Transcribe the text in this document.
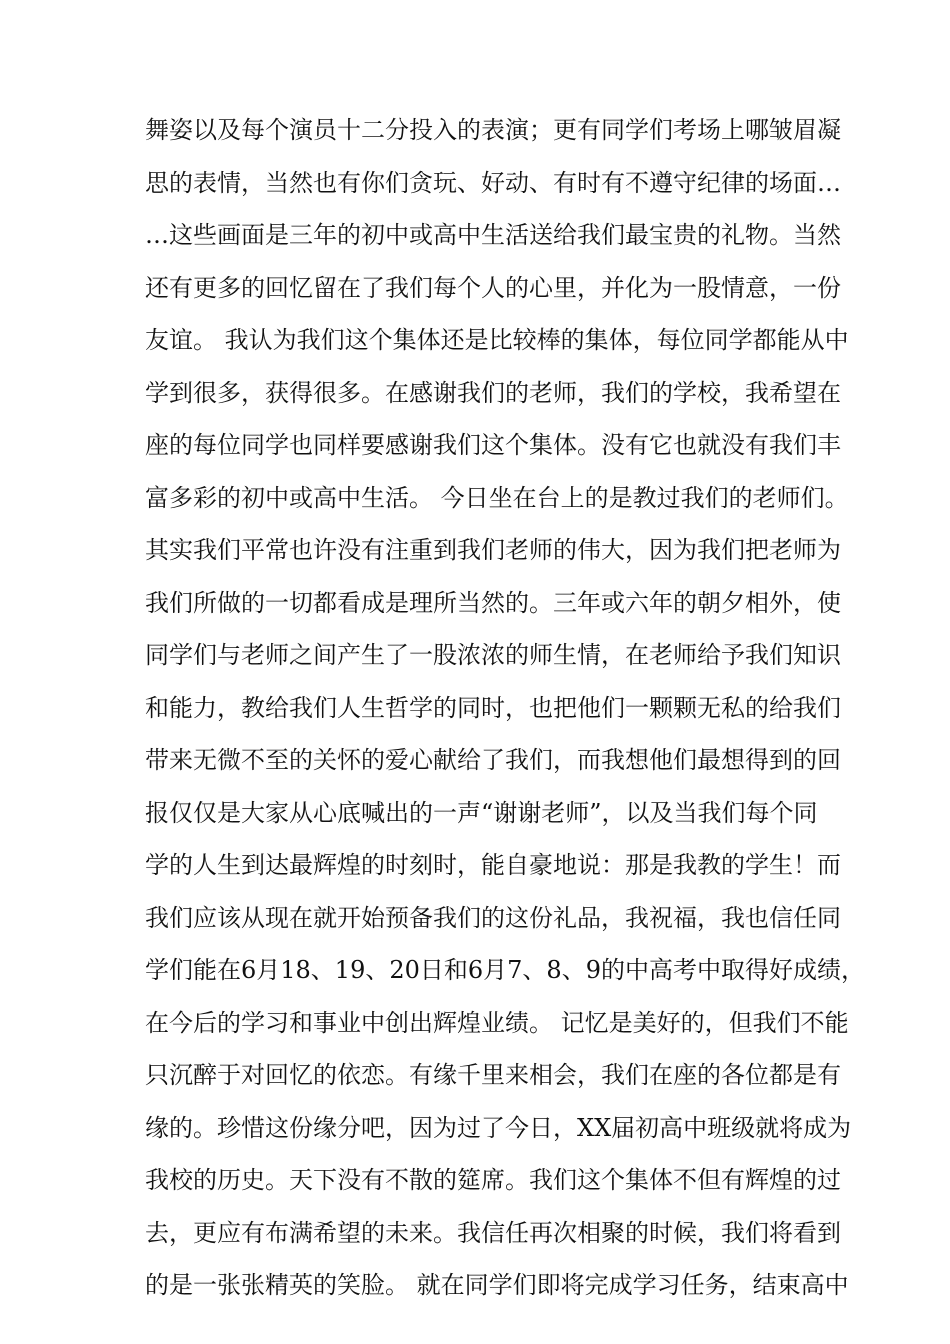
舞姿以及每个演员十二分投入的表演；更有同学们考场上哪皱眉凝
思的表情，当然也有你们贪玩、好动、有时有不遵守纪律的场面…
…这些画面是三年的初中或高中生活送给我们最宝贵的礼物。当然
还有更多的回忆留在了我们每个人的心里，并化为一股情意，一份
友谊。 我认为我们这个集体还是比较棒的集体，每位同学都能从中
学到很多，获得很多。在感谢我们的老师，我们的学校，我希望在
座的每位同学也同样要感谢我们这个集体。没有它也就没有我们丰
富多彩的初中或高中生活。 今日坐在台上的是教过我们的老师们。
其实我们平常也许没有注重到我们老师的伟大，因为我们把老师为
我们所做的一切都看成是理所当然的。三年或六年的朝夕相外，使
同学们与老师之间产生了一股浓浓的师生情，在老师给予我们知识
和能力，教给我们人生哲学的同时，也把他们一颗颗无私的给我们
带来无微不至的关怀的爱心献给了我们，而我想他们最想得到的回
报仅仅是大家从心底喊出的一声“谢谢老师”，以及当我们每个同
学的人生到达最辉煌的时刻时，能自豪地说：那是我教的学生！而
我们应该从现在就开始预备我们的这份礼品，我祝福，我也信任同
学们能在6月18、19、20日和6月7、8、9的中高考中取得好成绩，
在今后的学习和事业中创出辉煌业绩。 记忆是美好的，但我们不能
只沉醉于对回忆的依恋。有缘千里来相会，我们在座的各位都是有
缘的。珍惜这份缘分吧，因为过了今日，XX届初高中班级就将成为
我校的历史。天下没有不散的筵席。我们这个集体不但有辉煌的过
去，更应有布满希望的未来。我信任再次相聚的时候，我们将看到
的是一张张精英的笑脸。 就在同学们即将完成学习任务，结束高中
